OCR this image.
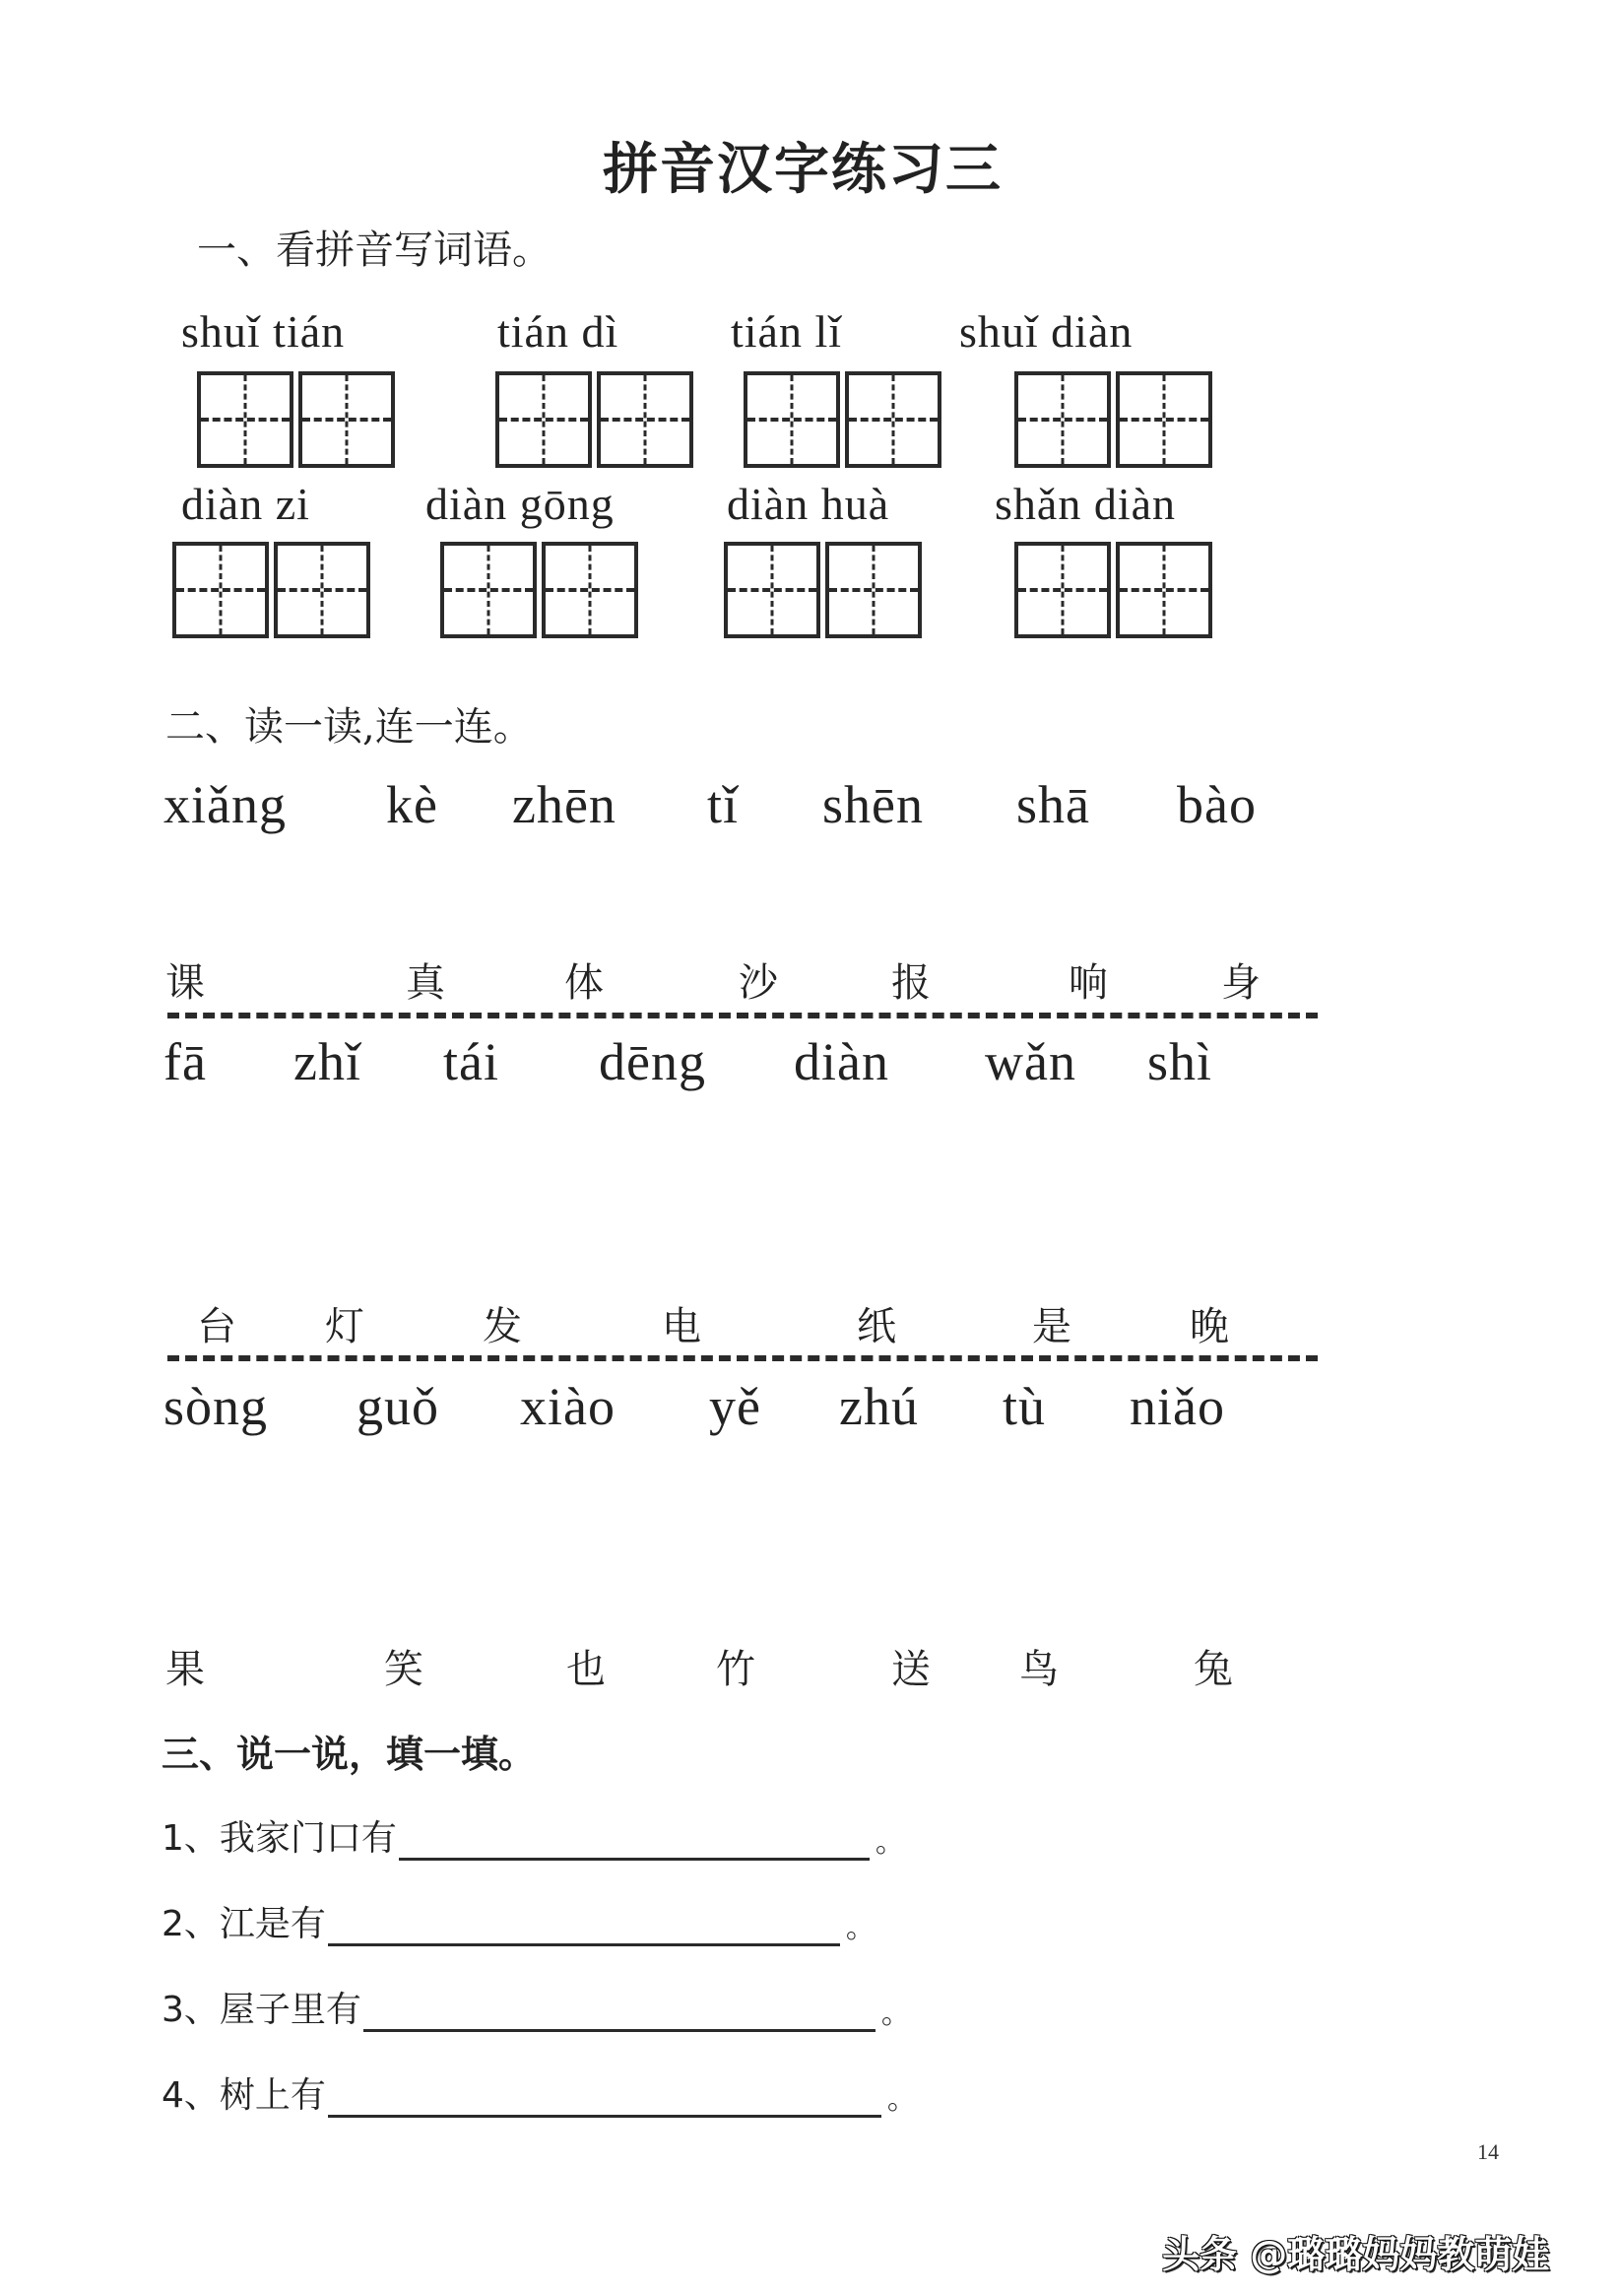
拼音汉字练习三
一、看拼音写词语。
shuǐ tián	tián dì tián lǐ	shuǐ diàn
diàn zi	diàn gōng diàn huà shǎn diàn
二、读一读,连一连。
xiǎng kè zhēn tǐ shēn shā bào
课	真	体	沙	报	响	身
fā zhǐ tái dēng diàn wǎn shì
台 灯	发	电	纸	是	晚
sòng guǒ xiào yě zhú tù niǎo
果	笑	也	竹	送 鸟	兔
三、说一说，填一填。
1、我家门口有	。
2、江是有	。
3、屋子里有	。
4、树上有	。
14
头条 @璐璐妈妈教萌娃
